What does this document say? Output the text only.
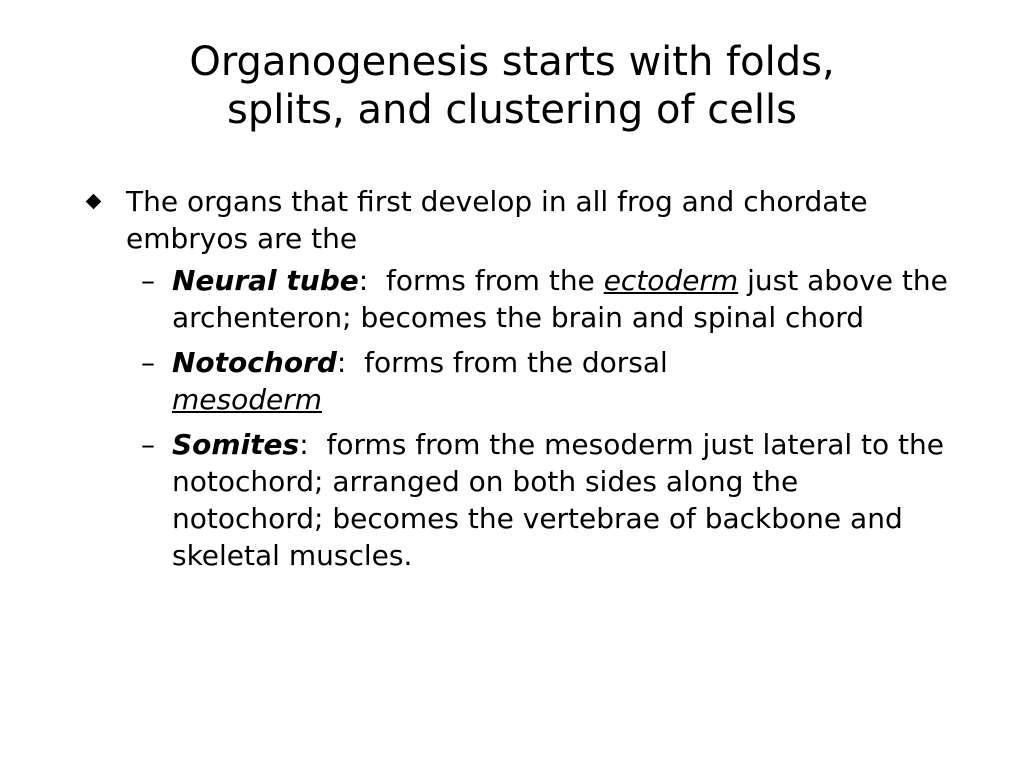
Organogenesis starts with folds,
splits, and clustering of cells
The organs that first develop in all frog and chordate embryos are the
– Neural tube:  forms from the ectoderm just above the archenteron; becomes the brain and spinal chord
– Notochord:  forms from the dorsal
mesoderm
– Somites:  forms from the mesoderm just lateral to the notochord; arranged on both sides along the notochord; becomes the vertebrae of backbone and skeletal muscles.
